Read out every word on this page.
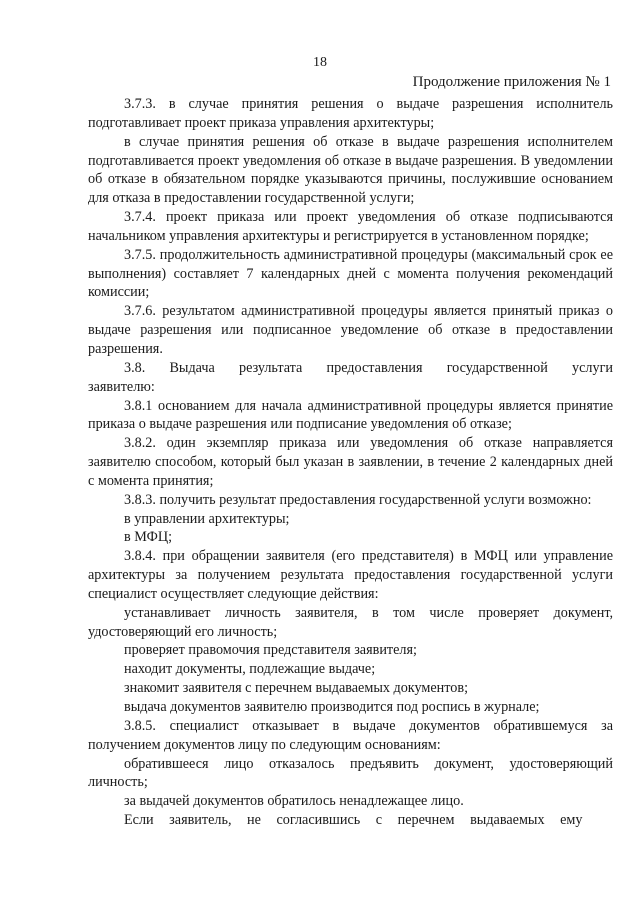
18
Продолжение приложения № 1

3.7.3. в случае принятия решения о выдаче разрешения исполнитель подготавливает проект приказа управления архитектуры;

в случае принятия решения об отказе в выдаче разрешения исполнителем подготавливается проект уведомления об отказе в выдаче разрешения. В уведомлении об отказе в обязательном порядке указываются причины, послужившие основанием для отказа в предоставлении государственной услуги;

3.7.4. проект приказа или проект уведомления об отказе подписываются начальником управления архитектуры и регистрируется в установленном порядке;

3.7.5. продолжительность административной процедуры (максимальный срок ее выполнения) составляет 7 календарных дней с момента получения рекомендаций комиссии;

3.7.6. результатом административной процедуры является принятый приказ о выдаче разрешения или подписанное уведомление об отказе в предоставлении разрешения.

3.8. Выдача результата предоставления государственной услуги заявителю:

3.8.1 основанием для начала административной процедуры является принятие приказа о выдаче разрешения или подписание уведомления об отказе;

3.8.2. один экземпляр приказа или уведомления об отказе направляется заявителю способом, который был указан в заявлении, в течение 2 календарных дней с момента принятия;

3.8.3. получить результат предоставления государственной услуги возможно:

в управлении архитектуры;

в МФЦ;

3.8.4. при обращении заявителя (его представителя) в МФЦ или управление архитектуры за получением результата предоставления государственной услуги специалист осуществляет следующие действия:

устанавливает личность заявителя, в том числе проверяет документ, удостоверяющий его личность;

проверяет правомочия представителя заявителя;

находит документы, подлежащие выдаче;

знакомит заявителя с перечнем выдаваемых документов;

выдача документов заявителю производится под роспись в журнале;

3.8.5. специалист отказывает в выдаче документов обратившемуся за получением документов лицу по следующим основаниям:

обратившееся лицо отказалось предъявить документ, удостоверяющий личность;

за выдачей документов обратилось ненадлежащее лицо.

Если заявитель, не согласившись с перечнем выдаваемых ему
